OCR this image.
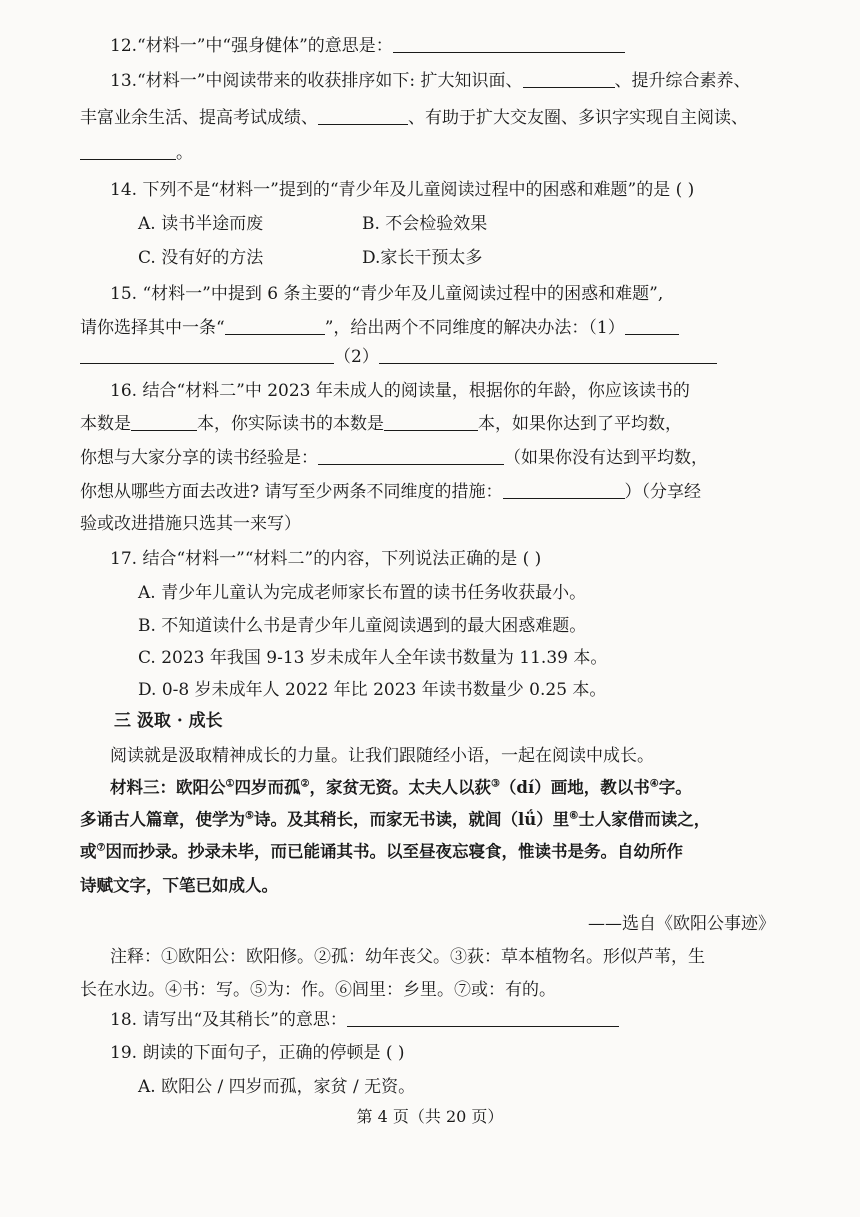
12.“材料一”中“强身健体”的意思是：
13.“材料一”中阅读带来的收获排序如下: 扩大知识面、	、提升综合素养、
丰富业余生活、提高考试成绩、	、有助于扩大交友圈、多识字实现自主阅读、
。
14. 下列不是“材料一”提到的“青少年及儿童阅读过程中的困惑和难题”的是 ( )
A. 读书半途而废	B. 不会检验效果
C. 没有好的方法	D.家长干预太多
15. “材料一”中提到 6 条主要的“青少年及儿童阅读过程中的困惑和难题”,
请你选择其中一条“	”，给出两个不同维度的解决办法：（1）
（2）
16. 结合“材料二”中 2023 年未成人的阅读量，根据你的年龄，你应该读书的
本数是	本，你实际读书的本数是	本，如果你达到了平均数，
你想与大家分享的读书经验是：	（如果你没有达到平均数，
你想从哪些方面去改进? 请写至少两条不同维度的措施：	）（分享经
验或改进措施只选其一来写）
17. 结合“材料一”“材料二”的内容，下列说法正确的是 ( )
A. 青少年儿童认为完成老师家长布置的读书任务收获最小。
B. 不知道读什么书是青少年儿童阅读遇到的最大困惑难题。
C. 2023 年我国 9-13 岁未成年人全年读书数量为 11.39 本。
D. 0-8 岁未成年人 2022 年比 2023 年读书数量少 0.25 本。
三 汲取 · 成长
阅读就是汲取精神成长的力量。让我们跟随经小语，一起在阅读中成长。
材料三：欧阳公①四岁而孤②，家贫无资。太夫人以荻③（dí）画地，教以书④字。
多诵古人篇章，使学为⑤诗。及其稍长，而家无书读，就闾（lǘ）里⑥士人家借而读之，
或⑦因而抄录。抄录未毕，而已能诵其书。以至昼夜忘寝食，惟读书是务。自幼所作
诗赋文字，下笔已如成人。
——选自《欧阳公事迹》
注释：①欧阳公：欧阳修。②孤：幼年丧父。③荻：草本植物名。形似芦苇，生
长在水边。④书：写。⑤为：作。⑥闾里：乡里。⑦或：有的。
18. 请写出“及其稍长”的意思：
19. 朗读的下面句子，正确的停顿是 ( )
A. 欧阳公 / 四岁而孤，家贫 / 无资。
第 4 页（共 20 页）
